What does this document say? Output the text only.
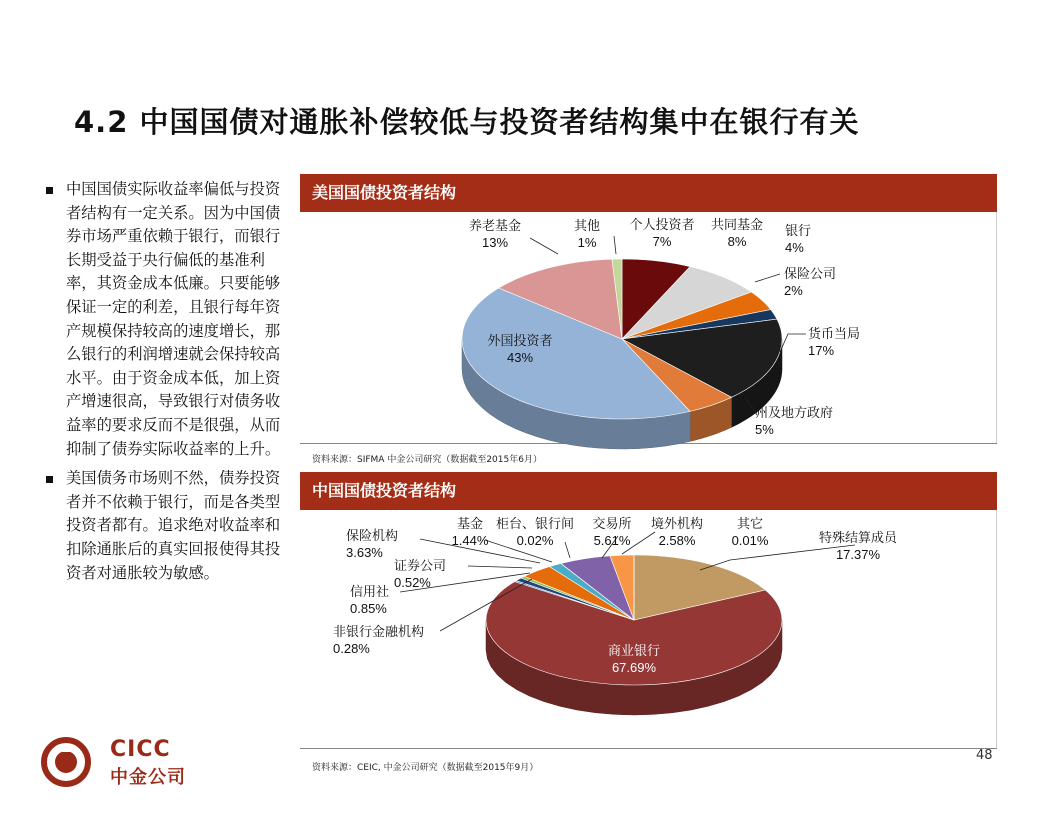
4.2 中国国债对通胀补偿较低与投资者结构集中在银行有关
中国国债实际收益率偏低与投资者结构有一定关系。因为中国债券市场严重依赖于银行，而银行长期受益于央行偏低的基准利率，其资金成本低廉。只要能够保证一定的利差，且银行每年资产规模保持较高的速度增长，那么银行的利润增速就会保持较高水平。由于资金成本低，加上资产增速很高，导致银行对债务收益率的要求反而不是很强，从而抑制了债券实际收益率的上升。
美国债务市场则不然，债券投资者并不依赖于银行，而是各类型投资者都有。追求绝对收益率和扣除通胀后的真实回报使得其投资者对通胀较为敏感。
美国国债投资者结构
资料来源：SIFMA 中金公司研究（数据截至2015年6月）
个人投资者
7%
共同基金
8%
银行
4%
保险公司
2%
货币当局
17%
州及地方政府
5%
外国投资者
43%
养老基金
13%
其他
1%
中国国债投资者结构
资料来源：CEIC, 中金公司研究（数据截至2015年9月）
特殊结算成员
17.37%
商业银行
67.69%
非银行金融机构
0.28%
信用社
0.85%
证券公司
0.52%
保险机构
3.63%
基金
1.44%
柜台、银行间
0.02%
交易所
5.61%
境外机构
2.58%
其它
0.01%
48
CICC
中金公司
